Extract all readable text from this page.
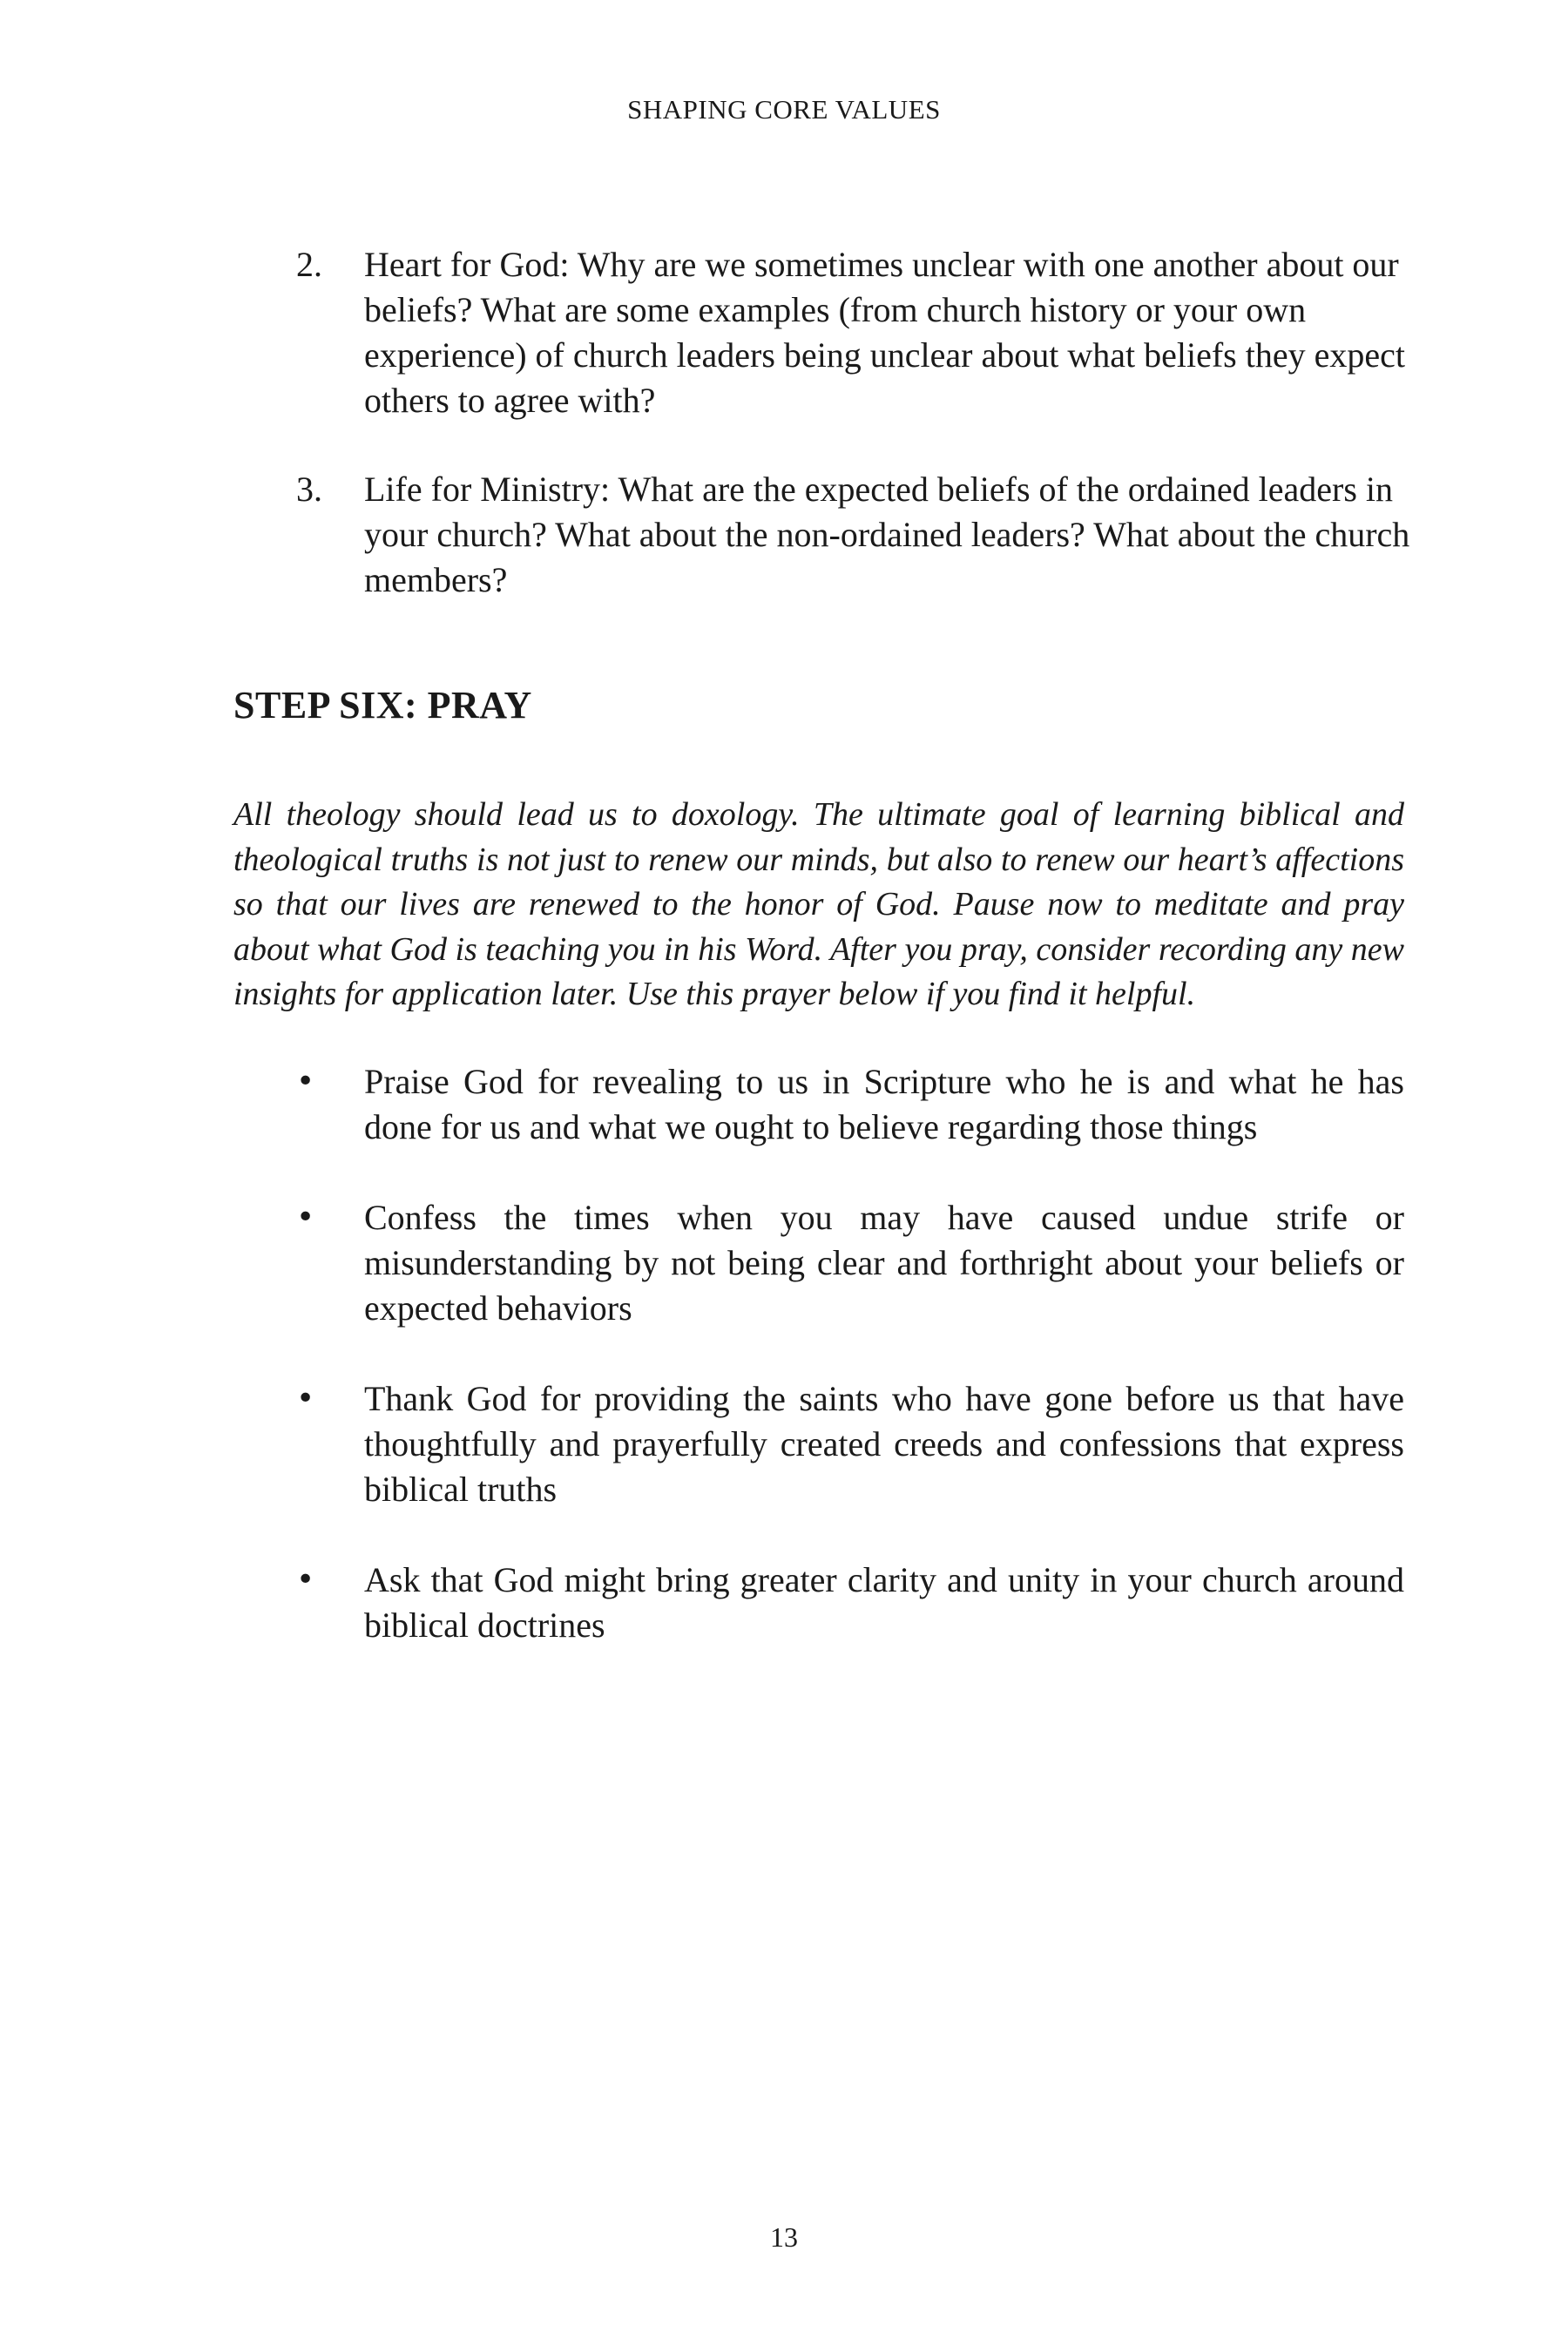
SHAPING CORE VALUES
2. Heart for God: Why are we sometimes unclear with one another about our beliefs? What are some examples (from church history or your own experience) of church leaders being unclear about what beliefs they expect others to agree with?
3. Life for Ministry: What are the expected beliefs of the ordained leaders in your church? What about the non-ordained leaders? What about the church members?
STEP SIX: PRAY

All theology should lead us to doxology. The ultimate goal of learning biblical and theological truths is not just to renew our minds, but also to renew our heart’s affections so that our lives are renewed to the honor of God. Pause now to meditate and pray about what God is teaching you in his Word. After you pray, consider recording any new insights for application later. Use this prayer below if you find it helpful.

• Praise God for revealing to us in Scripture who he is and what he has done for us and what we ought to believe regarding those things
• Confess the times when you may have caused undue strife or misunderstanding by not being clear and forthright about your beliefs or expected behaviors
• Thank God for providing the saints who have gone before us that have thoughtfully and prayerfully created creeds and confessions that express biblical truths
• Ask that God might bring greater clarity and unity in your church around biblical doctrines
13
